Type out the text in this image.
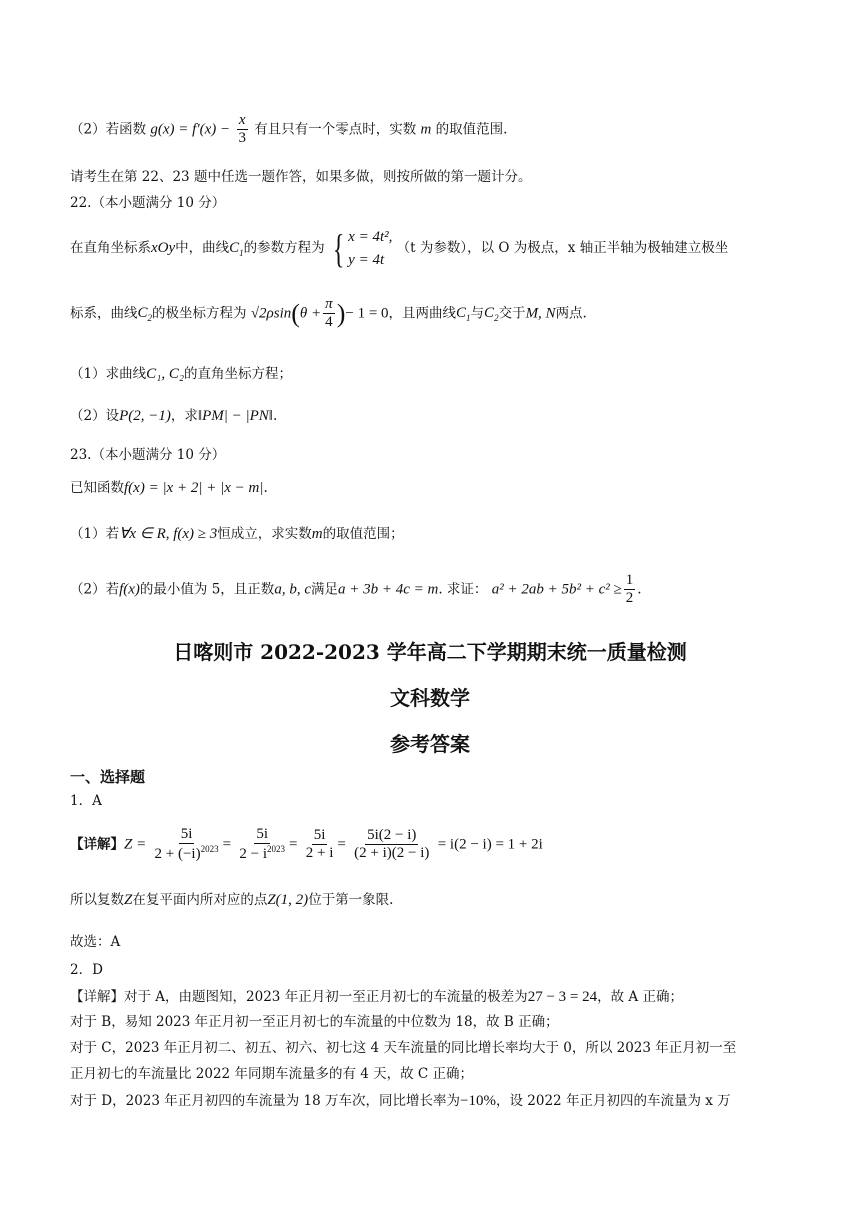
（2）若函数 $g(x) = f'(x) - \frac{x}{3}$ 有且只有一个零点时，实数 m 的取值范围.
请考生在第 22、23 题中任选一题作答，如果多做，则按所做的第一题计分。
22.（本小题满分 10 分）
在直角坐标系xOy中，曲线$C_1$的参数方程为 { x = 4t²,
y = 4t
（t 为参数），以 O 为极点，x 轴正半轴为极轴建立极坐
标系，曲线$C_2$的极坐标方程为 $√2\rho\sin(\theta + \frac{\pi}{4}$ )− 1 = 0，且两曲线$C_1$与$C_2$交于M, N两点.
（1）求曲线C₁, C₂的直角坐标方程；
（2）设P(2, −1)，求‖PM| − |PN‖.
23.（本小题满分 10 分）
已知函数f(x) = |x + 2| + |x − m|.
（1）若∀x ∈ R, f(x) ≥ 3恒成立，求实数m的取值范围；
（2）若f(x)的最小值为 5，且正数a, b, c满足a + 3b + 4c = m. 求证： $a^2 + 2ab + 5b^2 + c^2 \ge \frac{1}{2}$ .
日喀则市 2022-2023 学年高二下学期期末统一质量检测
文科数学
参考答案
一、选择题
1．A
【详解】$Z = \frac{5i}{2 + (-i)^{2023}} = \frac{5i}{2 - i^{2023}} = \frac{5i}{2 + i} = \frac{5i(2 - i)}{(2 + i)(2 - i)} = i(2 - i) = 1 + 2i$
所以复数Z在复平面内所对应的点Z(1, 2)位于第一象限.
故选：A
2．D
【详解】对于 A，由题图知，2023 年正月初一至正月初七的车流量的极差为27 − 3 = 24，故 A 正确；
对于 B，易知 2023 年正月初一至正月初七的车流量的中位数为 18，故 B 正确；
对于 C，2023 年正月初二、初五、初六、初七这 4 天车流量的同比增长率均大于 0，所以 2023 年正月初一至
正月初七的车流量比 2022 年同期车流量多的有 4 天，故 C 正确；
对于 D，2023 年正月初四的车流量为 18 万车次，同比增长率为−10%，设 2022 年正月初四的车流量为 x 万
